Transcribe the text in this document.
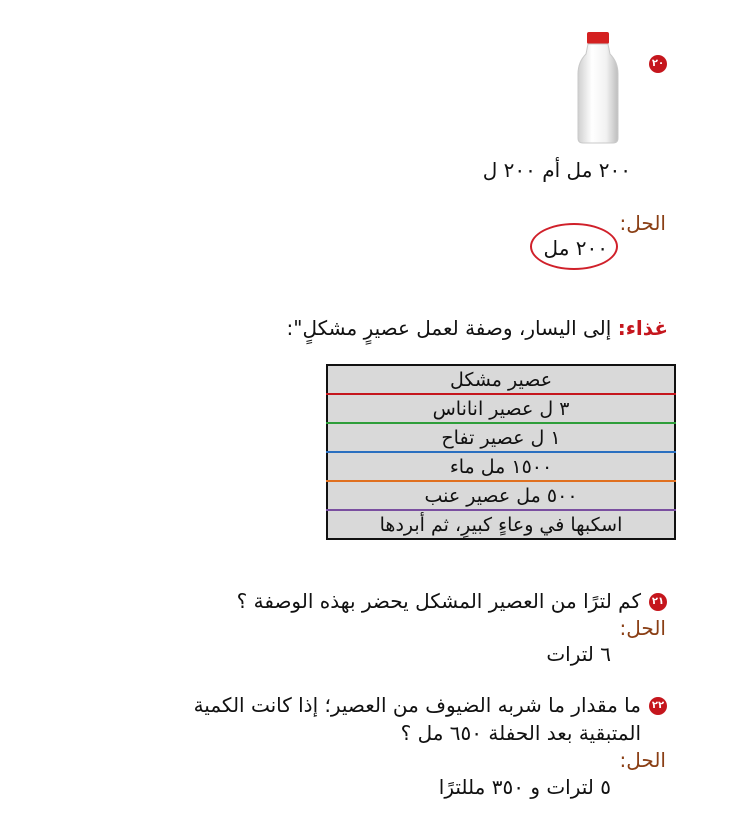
٢٠
٢٠٠ مل أم ٢٠٠ ل
الحل:
٢٠٠ مل
غذاء: إلى اليسار، وصفة لعمل عصيرٍ مشكلٍ":
عصير مشكل
٣ ل عصير اناناس
١ ل عصير تفاح
١٥٠٠ مل ماء
٥٠٠ مل عصير عنب
اسكبها في وعاءٍ كبيرٍ، ثم أبردها
٢١
كم لترًا من العصير المشكل يحضر بهذه الوصفة ؟
الحل:
٦ لترات
٢٢
ما مقدار ما شربه الضيوف من العصير؛ إذا كانت الكمية
المتبقية بعد الحفلة ٦٥٠ مل ؟
الحل:
٥ لترات و ٣٥٠ مللترًا
